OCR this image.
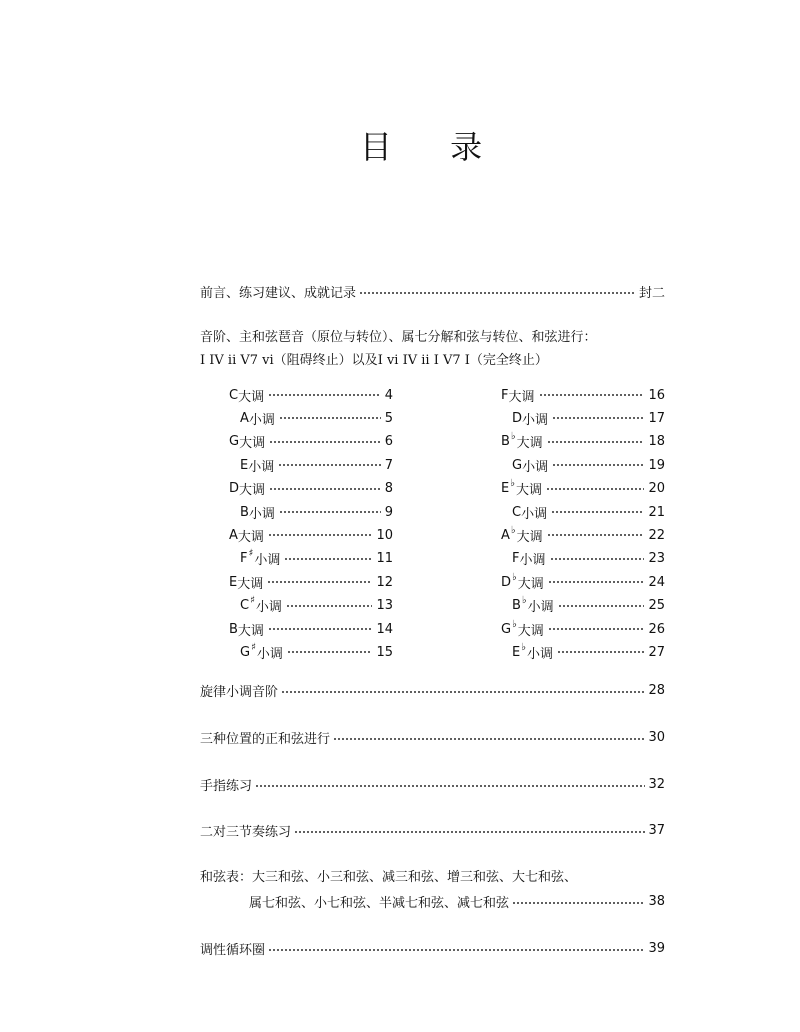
目 录
前言、练习建议、成就记录	封二
音阶、主和弦琶音（原位与转位）、属七分解和弦与转位、和弦进行：
I IV ii V7 vi（阻碍终止）以及I vi IV ii I V7 I（完全终止）
C 大调	4
A 小调	5
G 大调	6
E 小调	7
D 大调	8
B 小调	9
A 大调	10
F ♯ 小调	11
E 大调	12
C ♯ 小调	13
B 大调	14
G ♯ 小调	15
F 大调	16
D 小调	17
B ♭ 大调	18
G 小调	19
E ♭ 大调	20
C 小调	21
A ♭ 大调	22
F 小调	23
D ♭ 大调	24
B ♭ 小调	25
G ♭ 大调	26
E ♭ 小调	27
旋律小调音阶	28
三种位置的正和弦进行	30
手指练习	32
二对三节奏练习	37
和弦表：大三和弦、小三和弦、减三和弦、增三和弦、大七和弦、
属七和弦、小七和弦、半减七和弦、减七和弦	38
调性循环圈	39
